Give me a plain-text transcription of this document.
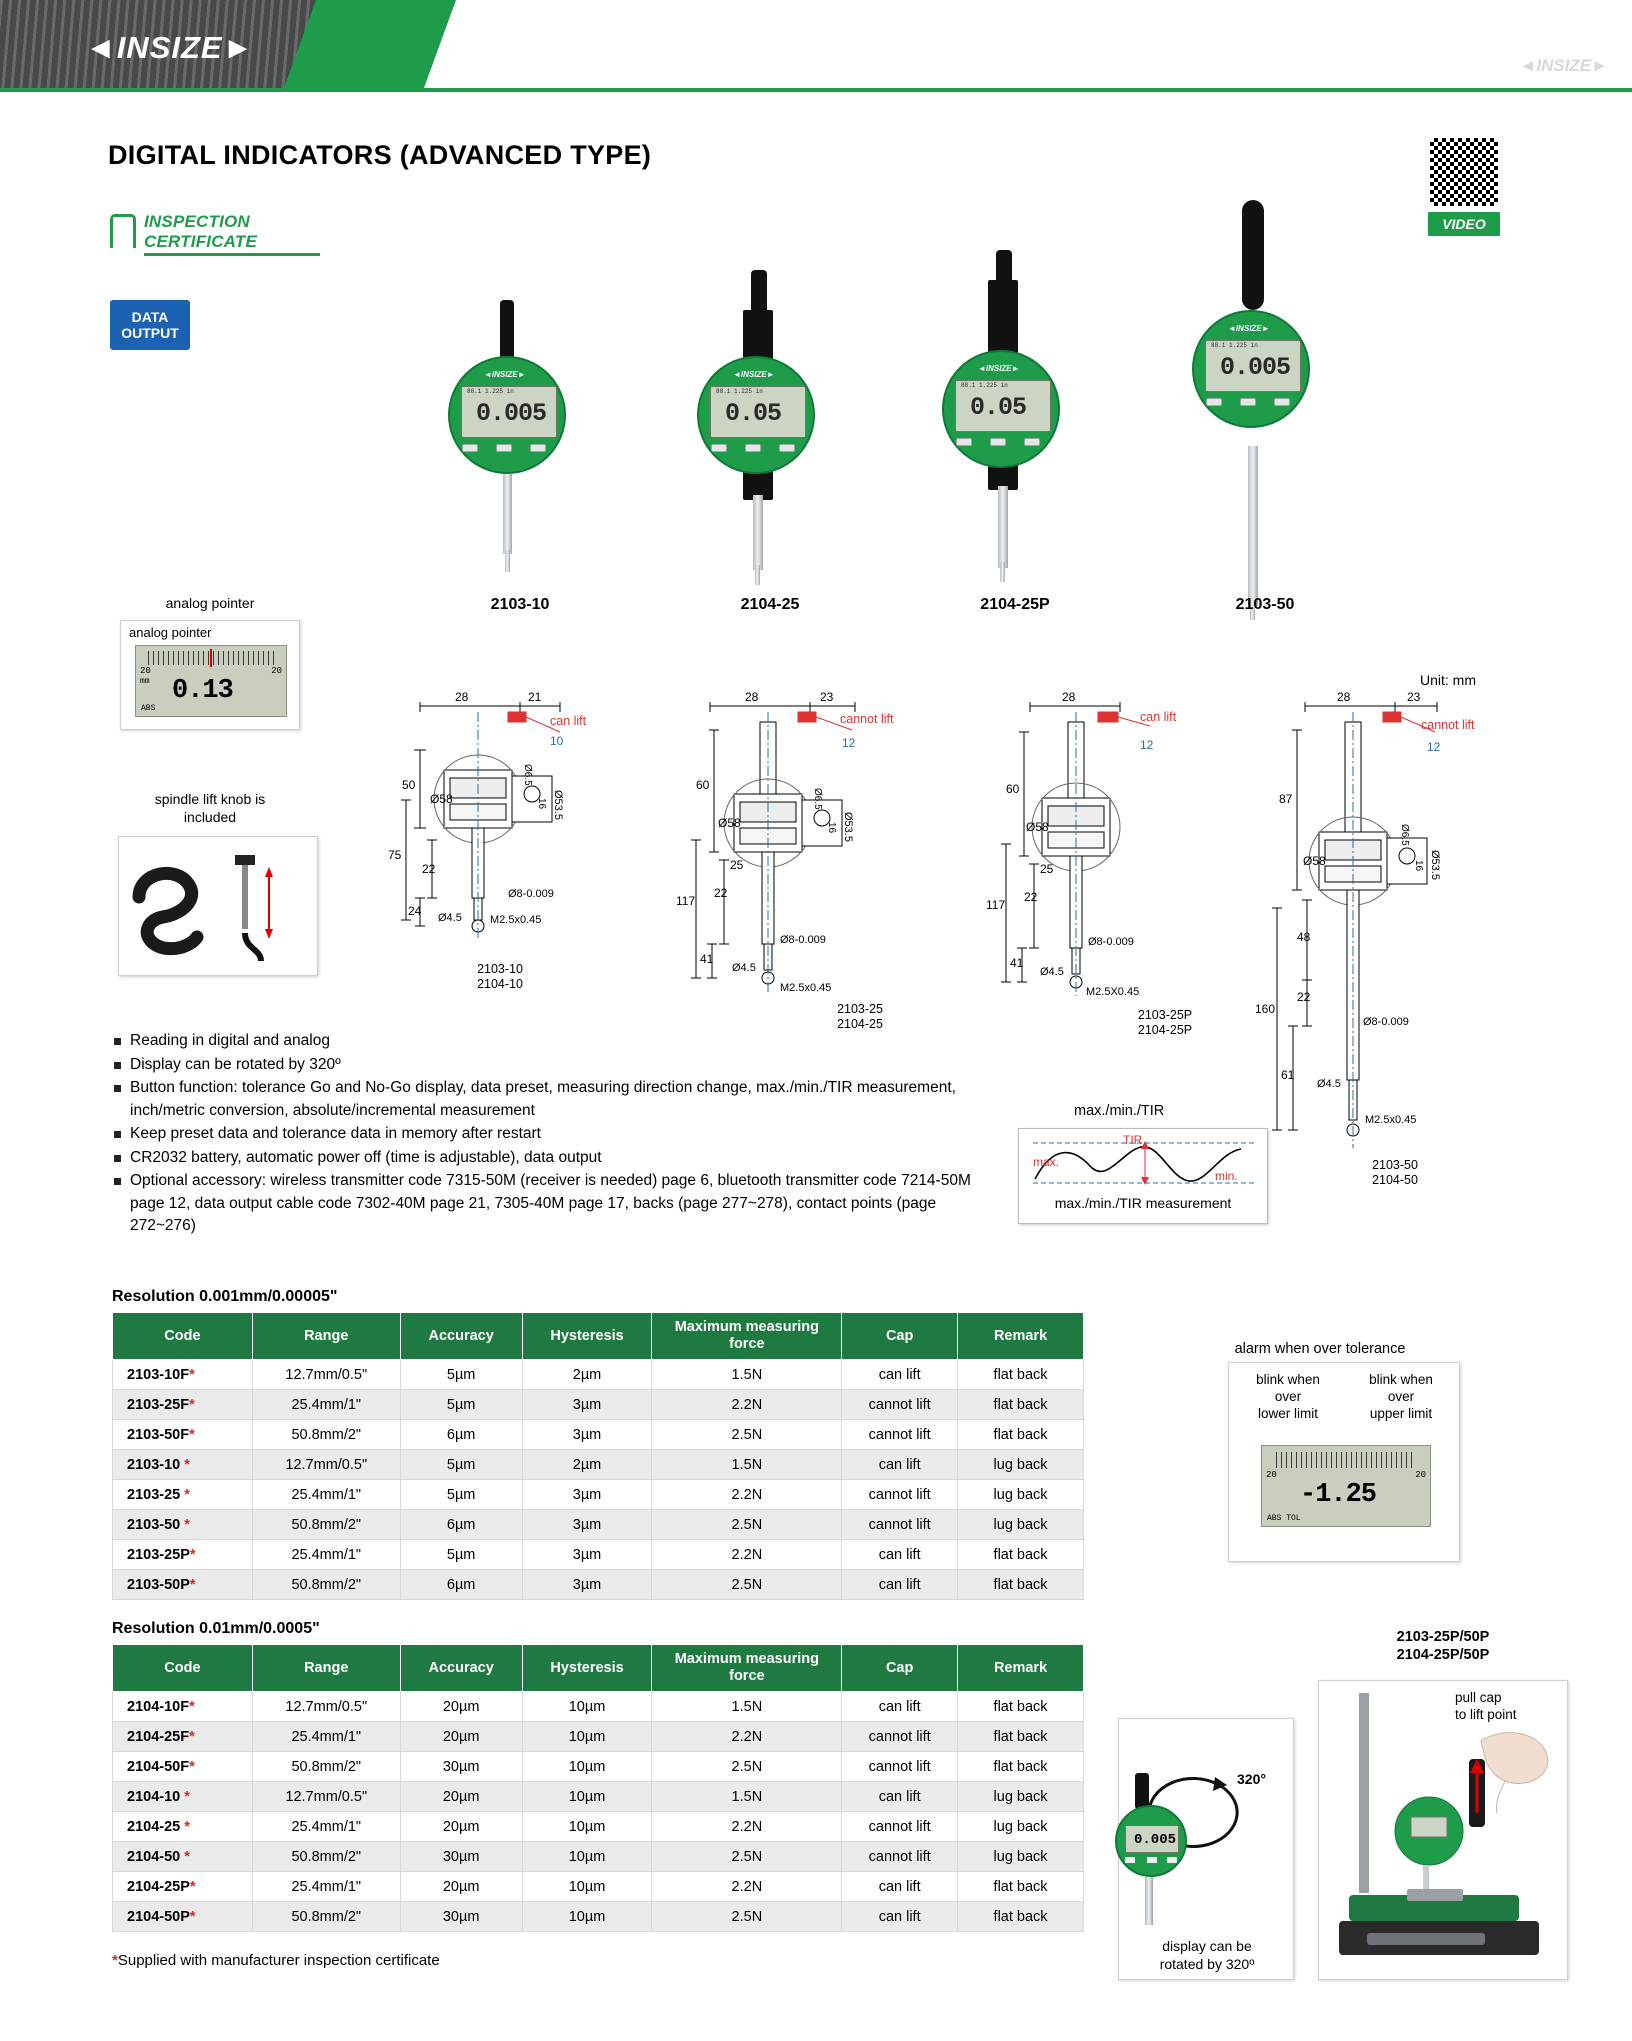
◄INSIZE►
◄INSIZE►
DIGITAL INDICATORS (ADVANCED TYPE)
INSPECTION
CERTIFICATE
DATA
OUTPUT
VIDEO
◄INSIZE►
88.1 1.225 in
0.005
2103-10
◄INSIZE►
88.1 1.225 in
0.05
2104-25
◄INSIZE►
88.1 1.225 in
0.05
2104-25P
◄INSIZE►
88.1 1.225 in
0.005
2103-50
analog pointer
analog pointer
20	20
mm 0.13
ABS
spindle lift knob is
included
Unit: mm
28	21
can lift
10
50
75
22
24
Ø58	Ø53.5
Ø6.5
16
Ø8-0.009
Ø4.5	M2.5x0.45
2103-10
2104-10
28	23
cannot lift
12
60
117
22
25
41
Ø58	Ø53.5
Ø6.5
16
Ø8-0.009
Ø4.5
M2.5x0.45
2103-25
2104-25
28
can lift
12
60
117
22
25
41
Ø58
Ø8-0.009
Ø4.5
M2.5X0.45
2103-25P
2104-25P
28	23
cannot lift
12
87
160
48
22
61
Ø58	Ø53.5
Ø6.5
16
Ø8-0.009
Ø4.5
M2.5x0.45
2103-50
2104-50
max./min./TIR
max.
TIR
min.
max./min./TIR measurement
Reading in digital and analog
Display can be rotated by 320º
Button function: tolerance Go and No-Go display, data preset, measuring direction change, max./min./TIR measurement, inch/metric conversion, absolute/incremental measurement
Keep preset data and tolerance data in memory after restart
CR2032 battery, automatic power off (time is adjustable), data output
Optional accessory: wireless transmitter code 7315-50M (receiver is needed) page 6, bluetooth transmitter code 7214-50M page 12, data output cable code 7302-40M page 21, 7305-40M page 17, backs (page 277~278), contact points (page 272~276)
Resolution 0.001mm/0.00005"
Code	Range	Accuracy	Hysteresis	Maximum measuring force	Cap	Remark
2103-10F*	12.7mm/0.5"	5µm	2µm	1.5N	can lift	flat back
2103-25F*	25.4mm/1"	5µm	3µm	2.2N	cannot lift	flat back
2103-50F*	50.8mm/2"	6µm	3µm	2.5N	cannot lift	flat back
2103-10 *	12.7mm/0.5"	5µm	2µm	1.5N	can lift	lug back
2103-25 *	25.4mm/1"	5µm	3µm	2.2N	cannot lift	lug back
2103-50 *	50.8mm/2"	6µm	3µm	2.5N	cannot lift	lug back
2103-25P*	25.4mm/1"	5µm	3µm	2.2N	can lift	flat back
2103-50P*	50.8mm/2"	6µm	3µm	2.5N	can lift	flat back
Resolution 0.01mm/0.0005"
Code	Range	Accuracy	Hysteresis	Maximum measuring force	Cap	Remark
2104-10F*	12.7mm/0.5"	20µm	10µm	1.5N	can lift	flat back
2104-25F*	25.4mm/1"	20µm	10µm	2.2N	cannot lift	flat back
2104-50F*	50.8mm/2"	30µm	10µm	2.5N	cannot lift	flat back
2104-10 *	12.7mm/0.5"	20µm	10µm	1.5N	can lift	lug back
2104-25 *	25.4mm/1"	20µm	10µm	2.2N	cannot lift	lug back
2104-50 *	50.8mm/2"	30µm	10µm	2.5N	cannot lift	lug back
2104-25P*	25.4mm/1"	20µm	10µm	2.2N	can lift	flat back
2104-50P*	50.8mm/2"	30µm	10µm	2.5N	can lift	flat back
*Supplied with manufacturer inspection certificate
alarm when over tolerance
blink when
over
lower limit
blink when
over
upper limit
20	20
-1.25
ABS TOL
320°
0.005
display can be
rotated by 320º
2103-25P/50P
2104-25P/50P
pull cap
to lift point
